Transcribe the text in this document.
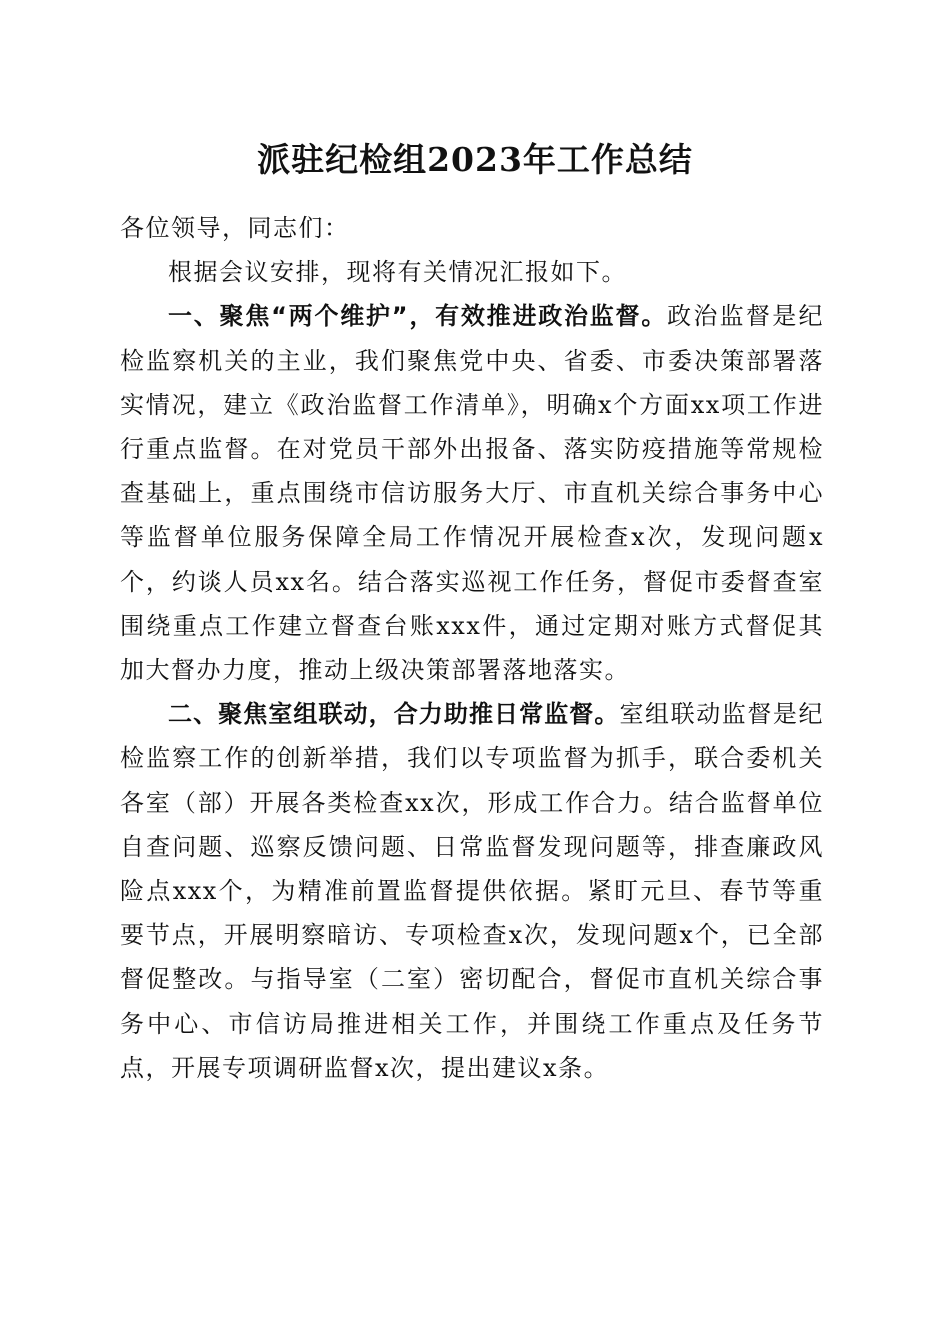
派驻纪检组2023年工作总结

各位领导，同志们：

根据会议安排，现将有关情况汇报如下。

一、聚焦“两个维护”，有效推进政治监督。政治监督是纪检监察机关的主业，我们聚焦党中央、省委、市委决策部署落实情况，建立《政治监督工作清单》，明确x个方面xx项工作进行重点监督。在对党员干部外出报备、落实防疫措施等常规检查基础上，重点围绕市信访服务大厅、市直机关综合事务中心等监督单位服务保障全局工作情况开展检查x次，发现问题x个，约谈人员xx名。结合落实巡视工作任务，督促市委督查室围绕重点工作建立督查台账xxx件，通过定期对账方式督促其加大督办力度，推动上级决策部署落地落实。

二、聚焦室组联动，合力助推日常监督。室组联动监督是纪检监察工作的创新举措，我们以专项监督为抓手，联合委机关各室（部）开展各类检查xx次，形成工作合力。结合监督单位自查问题、巡察反馈问题、日常监督发现问题等，排查廉政风险点xxx个，为精准前置监督提供依据。紧盯元旦、春节等重要节点，开展明察暗访、专项检查x次，发现问题x个，已全部督促整改。与指导室（二室）密切配合，督促市直机关综合事务中心、市信访局推进相关工作，并围绕工作重点及任务节点，开展专项调研监督x次，提出建议x条。
